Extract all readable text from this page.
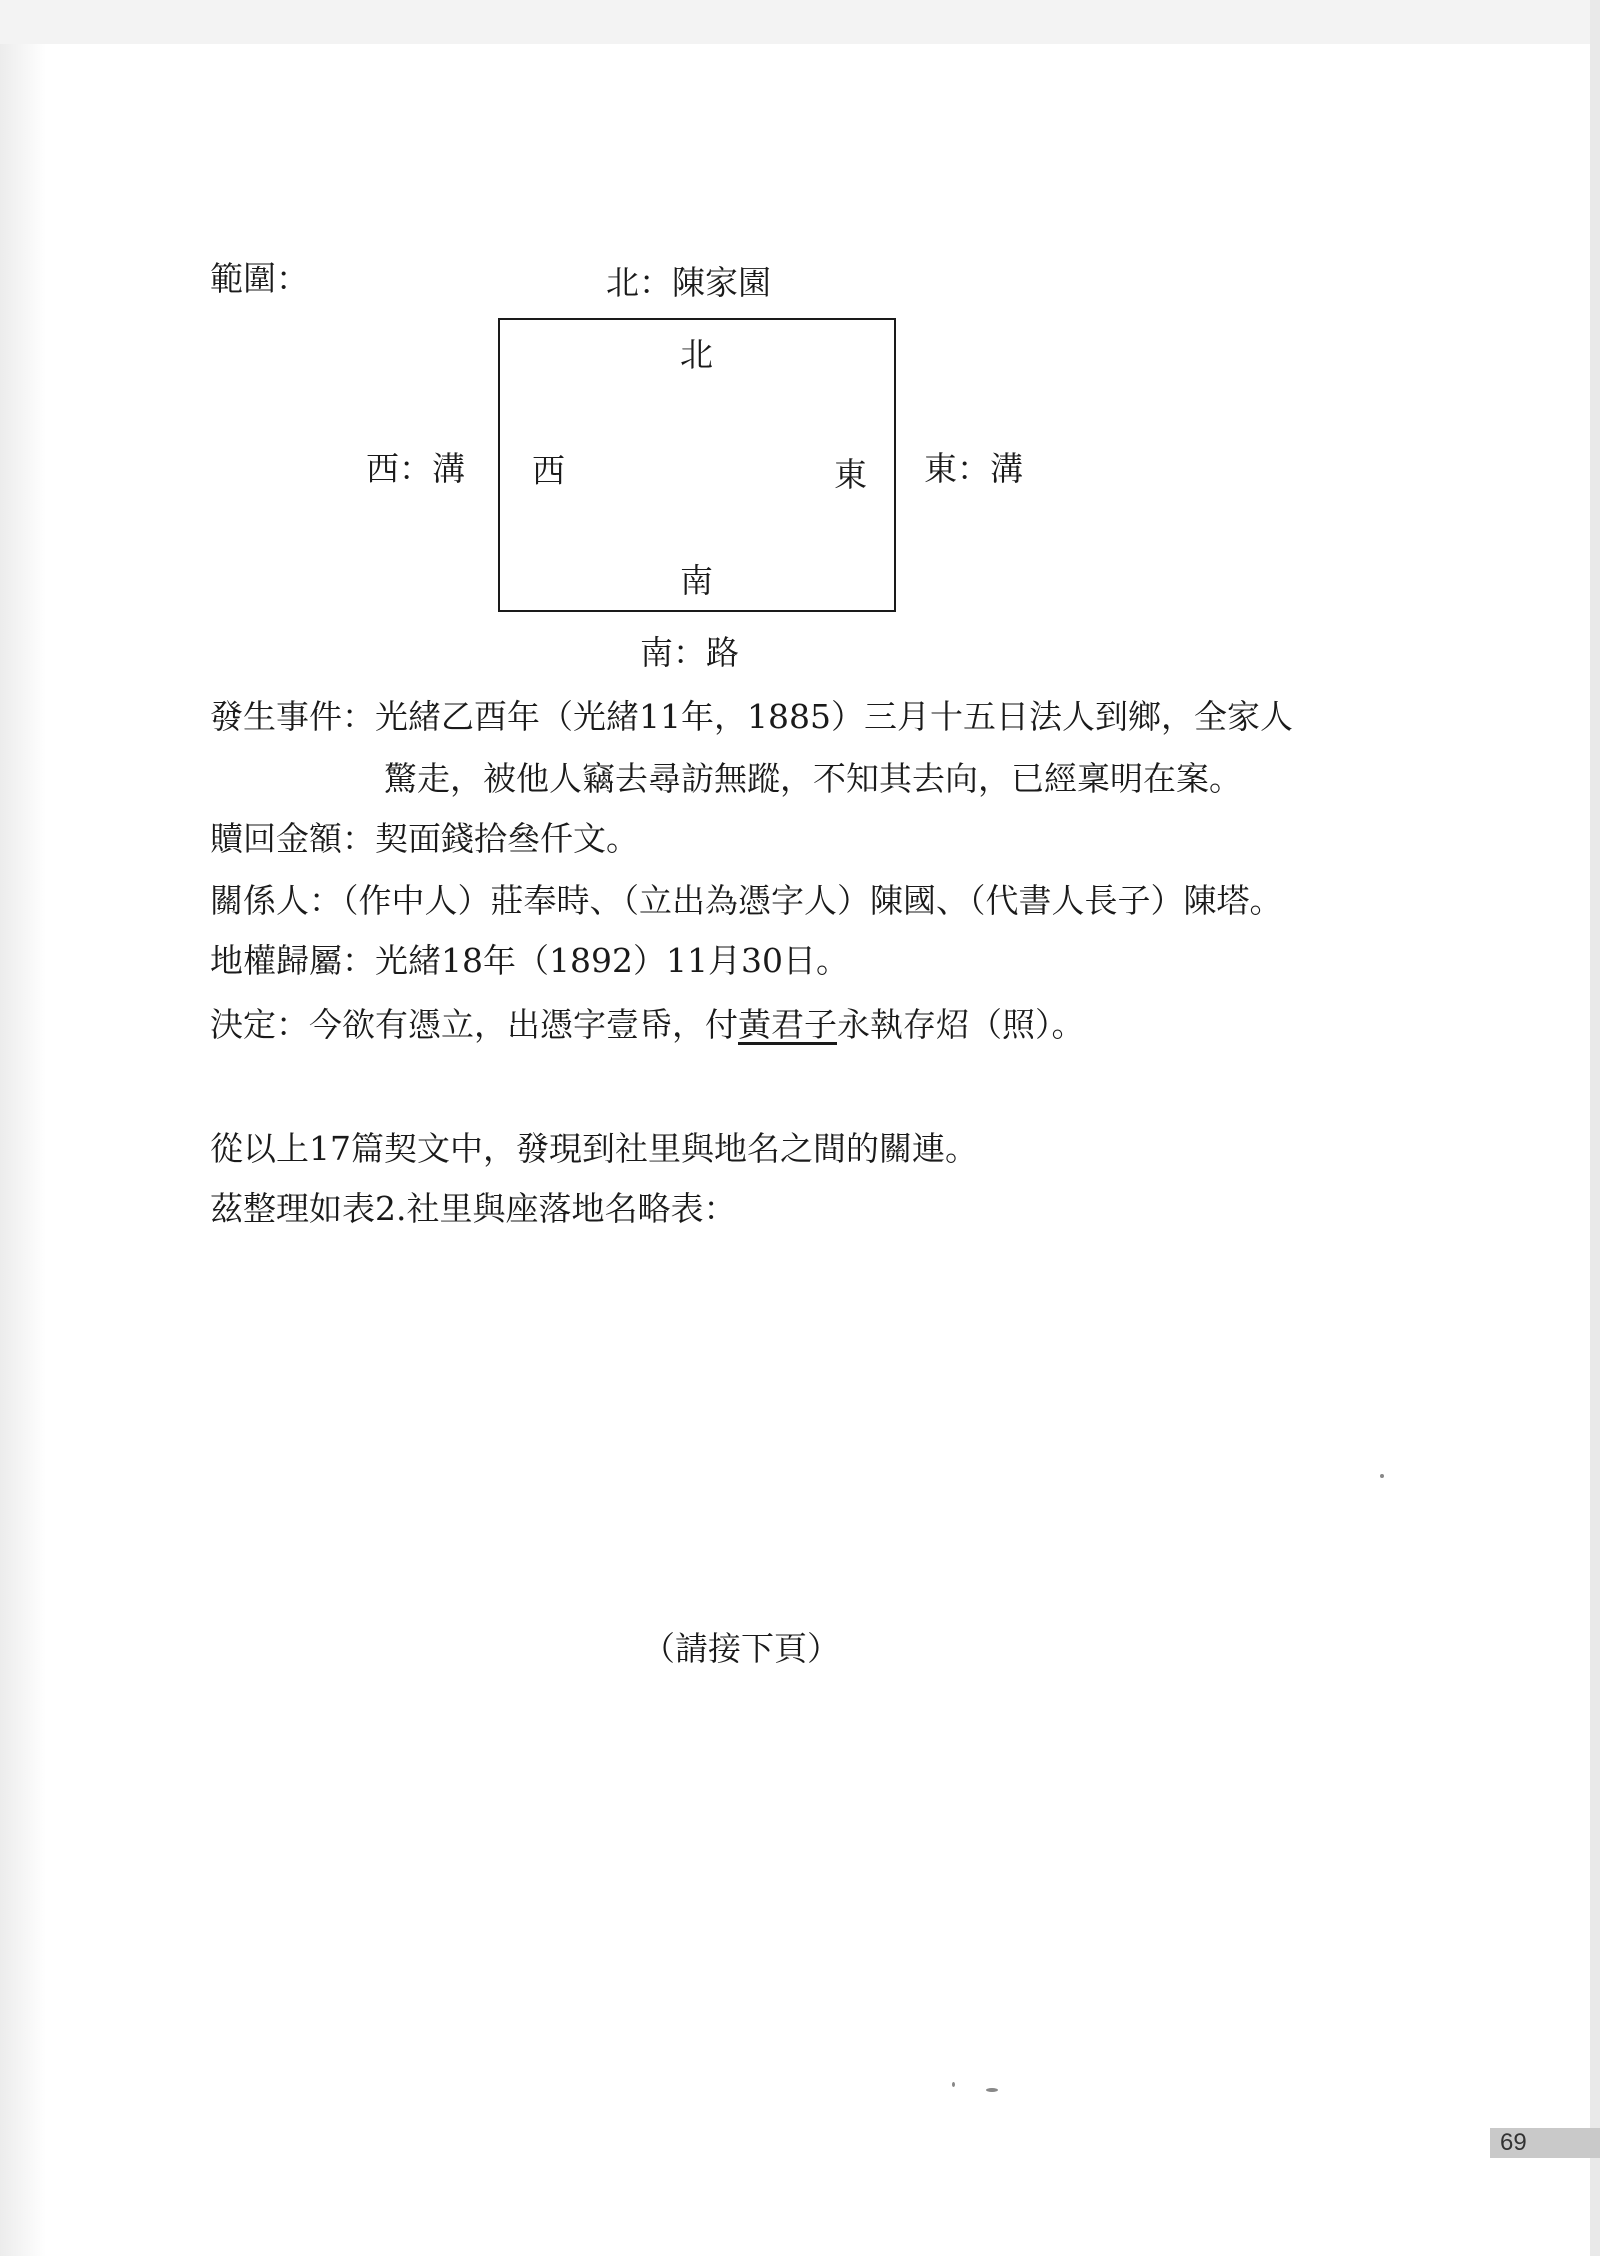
範圍：	北：陳家園
西：溝	東：溝
南：路
北
西	東
南
發生事件：光緒乙酉年（光緒11年，1885）三月十五日法人到鄉，全家人
驚走，被他人竊去尋訪無蹤，不知其去向，已經稟明在案。
贖回金額：契面錢拾叄仟文。
關係人：（作中人）莊奉時、（立出為憑字人）陳國、（代書人長子）陳塔。
地權歸屬：光緒18年（1892）11月30日。
決定：今欲有憑立，出憑字壹帋，付黃君子永執存炤（照）。
從以上17篇契文中，發現到社里與地名之間的關連。
茲整理如表2.社里與座落地名略表：
（請接下頁）
69
